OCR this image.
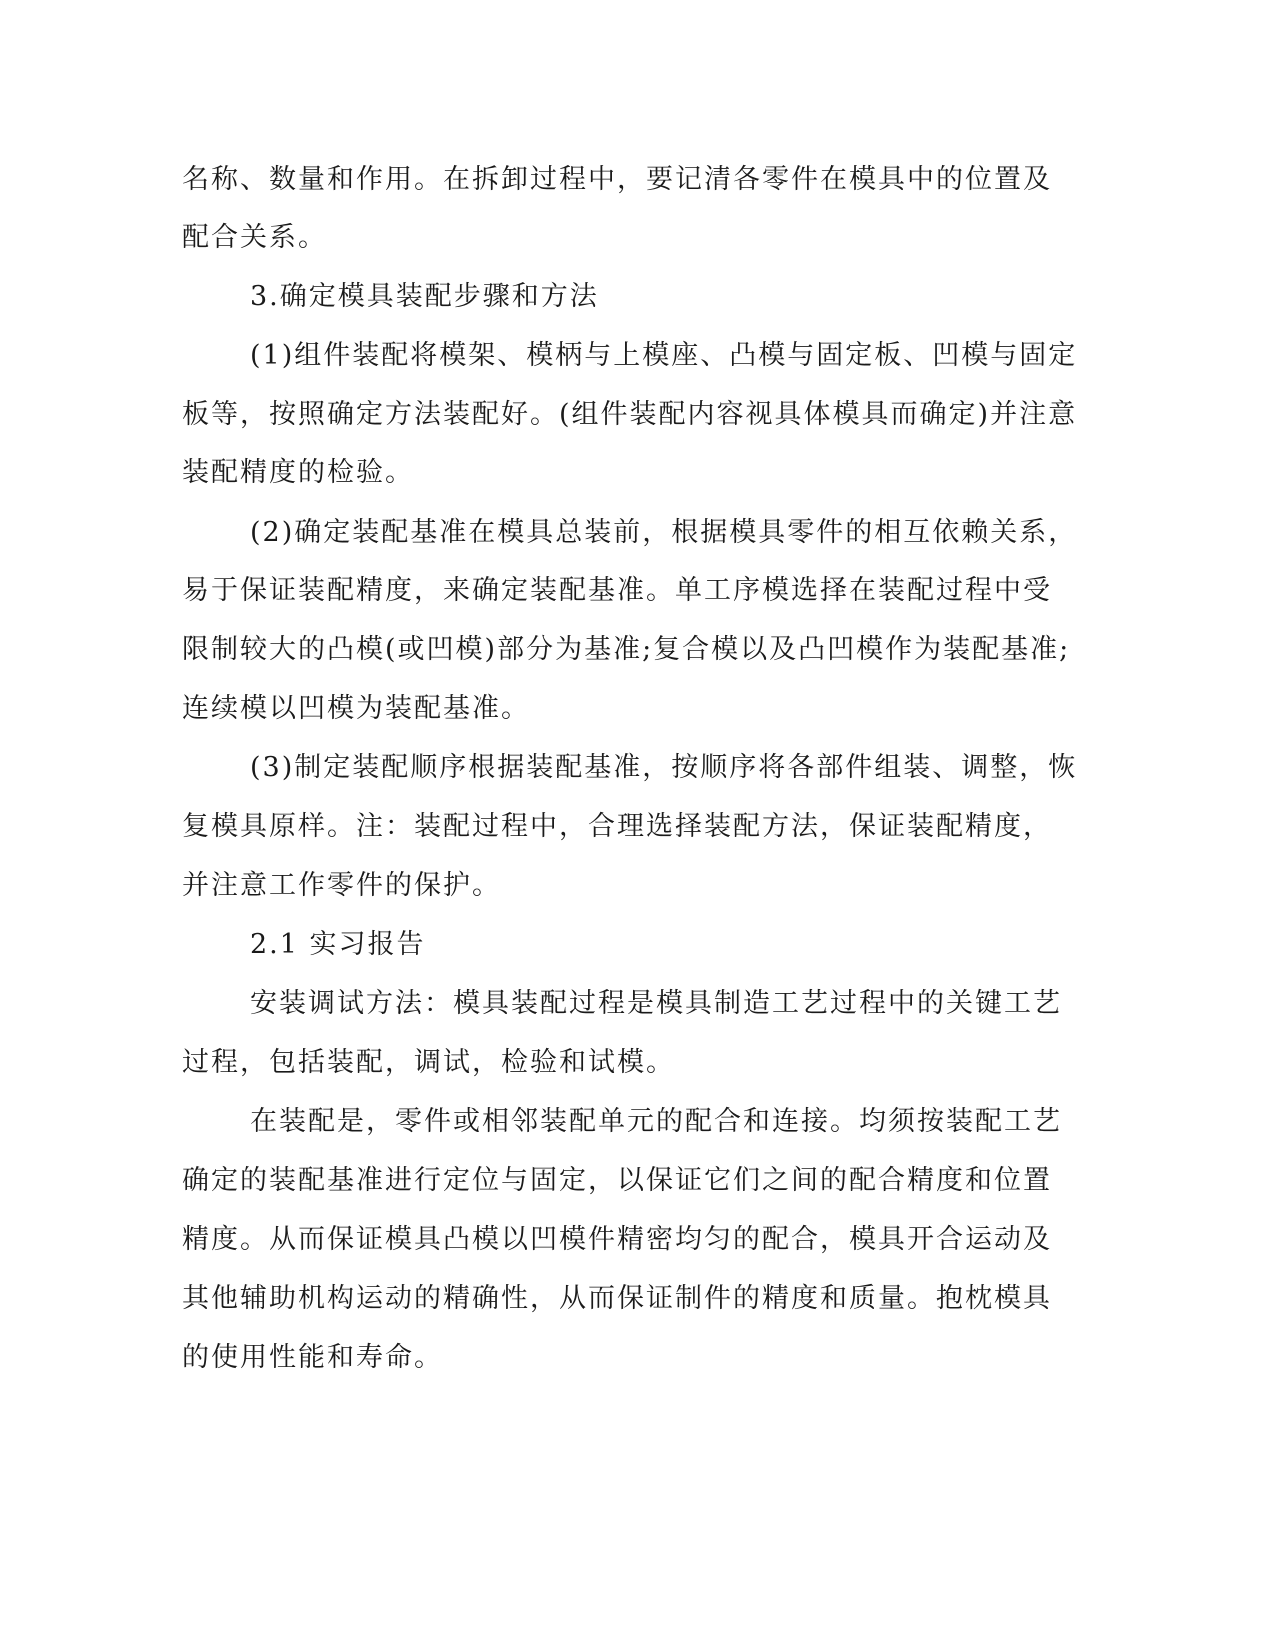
名称、数量和作用。在拆卸过程中，要记清各零件在模具中的位置及
配合关系。
3.确定模具装配步骤和方法
(1)组件装配将模架、模柄与上模座、凸模与固定板、凹模与固定
板等，按照确定方法装配好。(组件装配内容视具体模具而确定)并注意
装配精度的检验。
(2)确定装配基准在模具总装前，根据模具零件的相互依赖关系，
易于保证装配精度，来确定装配基准。单工序模选择在装配过程中受
限制较大的凸模(或凹模)部分为基准;复合模以及凸凹模作为装配基准;
连续模以凹模为装配基准。
(3)制定装配顺序根据装配基准，按顺序将各部件组装、调整，恢
复模具原样。注：装配过程中，合理选择装配方法，保证装配精度，
并注意工作零件的保护。
2.1 实习报告
安装调试方法：模具装配过程是模具制造工艺过程中的关键工艺
过程，包括装配，调试，检验和试模。
在装配是，零件或相邻装配单元的配合和连接。均须按装配工艺
确定的装配基准进行定位与固定，以保证它们之间的配合精度和位置
精度。从而保证模具凸模以凹模件精密均匀的配合，模具开合运动及
其他辅助机构运动的精确性，从而保证制件的精度和质量。抱枕模具
的使用性能和寿命。
